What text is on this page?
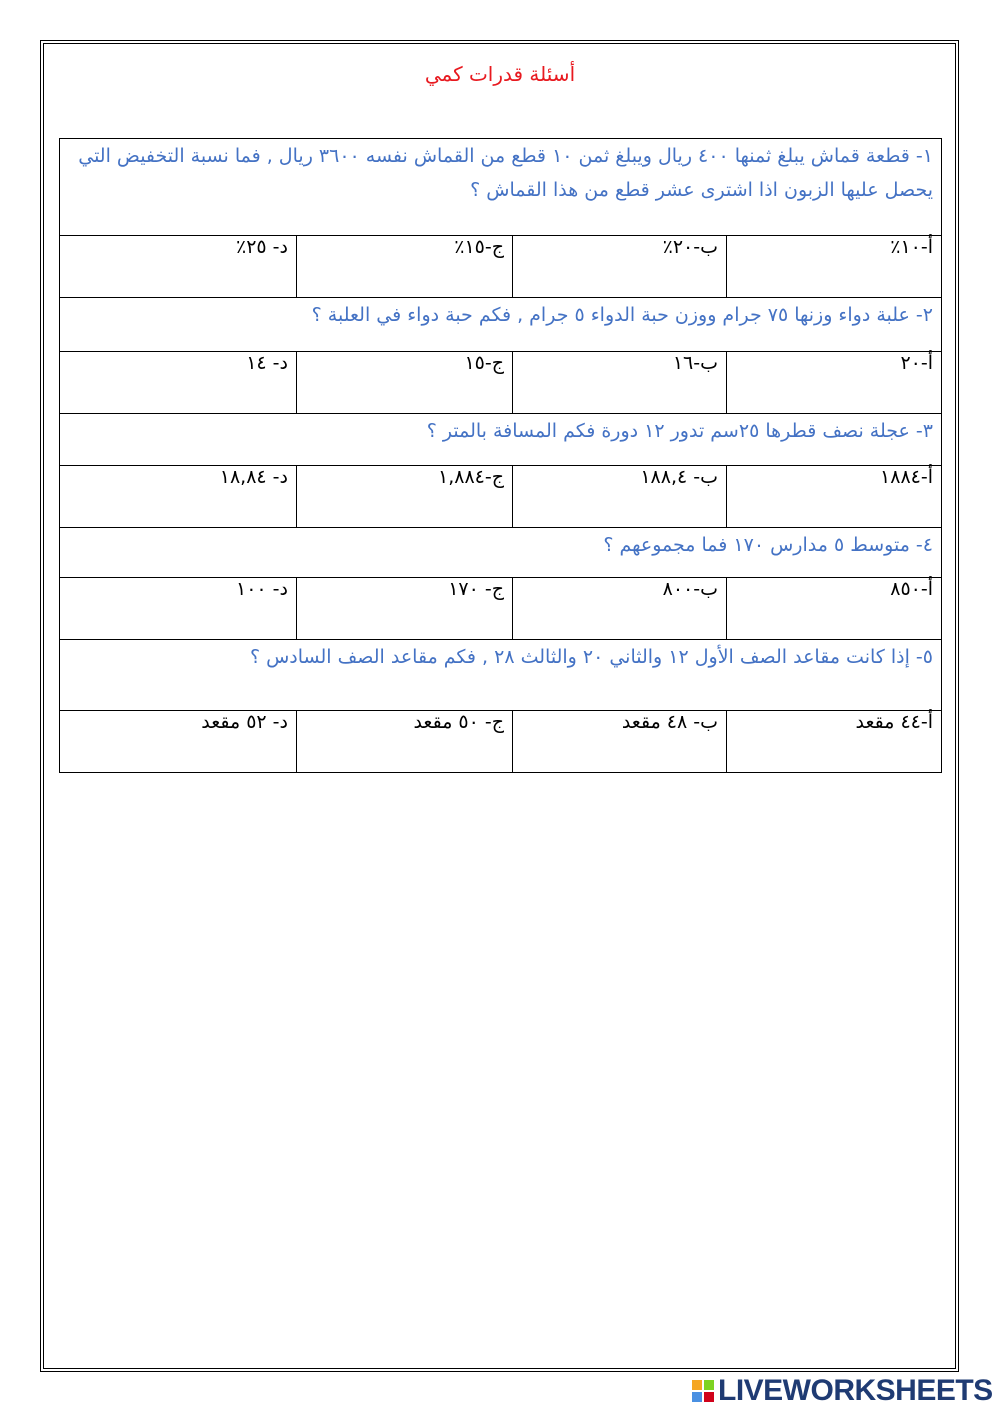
أسئلة قدرات كمي
١- قطعة قماش يبلغ ثمنها ٤٠٠ ريال ويبلغ ثمن ١٠ قطع من القماش نفسه ٣٦٠٠ ريال , فما نسبة التخفيض التي يحصل عليها الزبون اذا اشترى عشر قطع من هذا القماش ؟			

أ-١٠٪	ب-٢٠٪	ج-١٥٪	د- ٢٥٪

٢- علبة دواء وزنها ٧٥ جرام ووزن حبة الدواء ٥ جرام , فكم حبة دواء في العلبة ؟			

أ-٢٠	ب-١٦	ج-١٥	د- ١٤

٣- عجلة نصف قطرها ٢٥سم تدور ١٢ دورة فكم المسافة بالمتر ؟			

أ-١٨٨٤	ب- ١٨٨,٤	ج-١,٨٨٤	د- ١٨,٨٤

٤- متوسط ٥ مدارس ١٧٠ فما مجموعهم ؟			

أ-٨٥٠	ب-٨٠٠	ج- ١٧٠	د- ١٠٠

٥- إذا كانت مقاعد الصف الأول ١٢ والثاني ٢٠ والثالث ٢٨ , فكم مقاعد الصف السادس ؟			

أ-٤٤ مقعد	ب- ٤٨ مقعد	ج- ٥٠ مقعد	د- ٥٢ مقعد
LIVEWORKSHEETS
